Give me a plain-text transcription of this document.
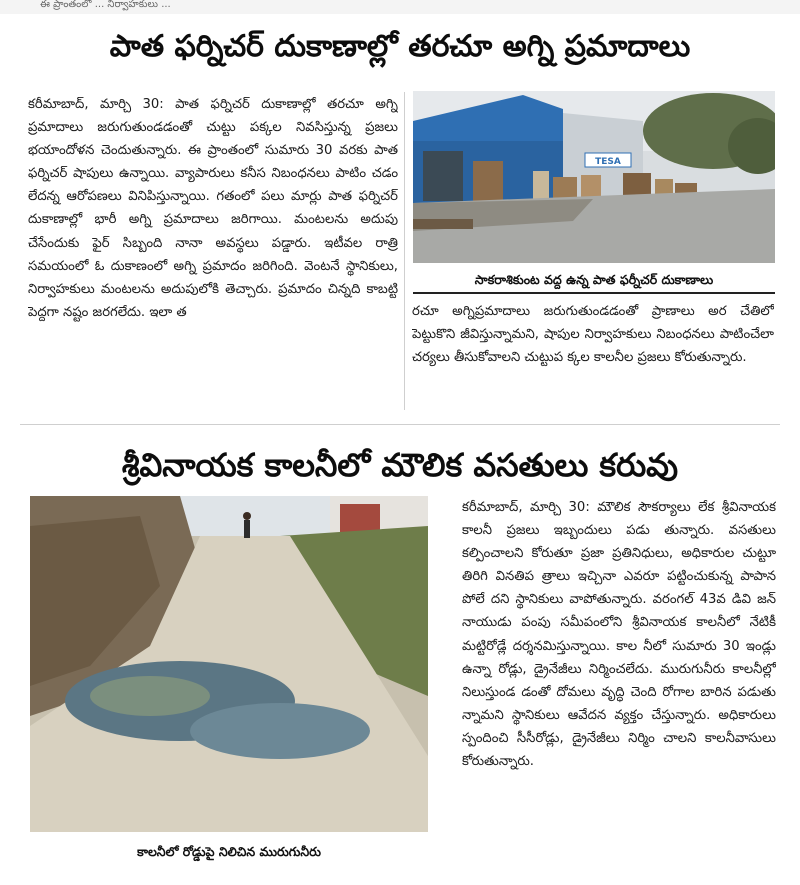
ఈ ప్రాంతంలో ... నిర్వాహకులు ...
పాత ఫర్నిచర్ దుకాణాల్లో తరచూ అగ్ని ప్రమాదాలు

కరీమాబాద్, మార్చి 30: పాత ఫర్నిచర్ దుకాణాల్లో తరచూ అగ్ని ప్రమాదాలు జరుగుతుండడంతో చుట్టు పక్కల నివసిస్తున్న ప్రజలు భయాందోళన చెందుతున్నారు. ఈ ప్రాంతంలో సుమారు 30 వరకు పాత ఫర్నిచర్ షాపులు ఉన్నాయి. వ్యాపారులు కనీస నిబంధనలు పాటిం చడం లేదన్న ఆరోపణలు వినిపిస్తున్నాయి. గతంలో పలు మార్లు పాత ఫర్నిచర్ దుకాణాల్లో భారీ అగ్ని ప్రమాదాలు జరిగాయి. మంటలను అదుపు చేసేందుకు ఫైర్ సిబ్బంది నానా అవస్థలు పడ్డారు. ఇటీవల రాత్రి సమయంలో ఓ దుకాణంలో అగ్ని ప్రమాదం జరిగింది. వెంటనే స్థానికులు, నిర్వాహకులు మంటలను అదుపులోకి తెచ్చారు. ప్రమాదం చిన్నది కాబట్టి పెద్దగా నష్టం జరగలేదు. ఇలా త

TESA
సాకరాశికుంట వద్ద ఉన్న పాత ఫర్నీచర్ దుకాణాలు

రచూ అగ్నిప్రమాదాలు జరుగుతుండడంతో ప్రాణాలు అర చేతిలో పెట్టుకొని జీవిస్తున్నామని, షాపుల నిర్వాహకులు నిబంధనలు పాటించేలా చర్యలు తీసుకోవాలని చుట్టుప క్కల కాలనీల ప్రజలు కోరుతున్నారు.

శ్రీవినాయక కాలనీలో మౌలిక వసతులు కరువు
కాలనీలో రోడ్డుపై నిలిచిన మురుగునీరు

కరీమాబాద్, మార్చి 30: మౌలిక సౌకర్యాలు లేక శ్రీవినాయక కాలనీ ప్రజలు ఇబ్బందులు పడు తున్నారు. వసతులు కల్పించాలని కోరుతూ ప్రజా ప్రతినిధులు, అధికారుల చుట్టూ తిరిగి వినతిప త్రాలు ఇచ్చినా ఎవరూ పట్టించుకున్న పాపాన పోలే దని స్థానికులు వాపోతున్నారు. వరంగల్ 43వ డివి జన్ నాయుడు పంపు సమీపంలోని శ్రీవినాయక కాలనీలో నేటికీ మట్టిరోడ్లే దర్శనమిస్తున్నాయి. కాల నీలో సుమారు 30 ఇండ్లు ఉన్నా రోడ్లు, డ్రైనేజీలు నిర్మించలేదు. మురుగునీరు కాలనీల్లో నిలుస్తుండ డంతో దోమలు వృద్ధి చెంది రోగాల బారిన పడుతు న్నామని స్థానికులు ఆవేదన వ్యక్తం చేస్తున్నారు. అధికారులు స్పందించి సీసీరోడ్లు, డ్రైనేజీలు నిర్మిం చాలని కాలనీవాసులు కోరుతున్నారు.
